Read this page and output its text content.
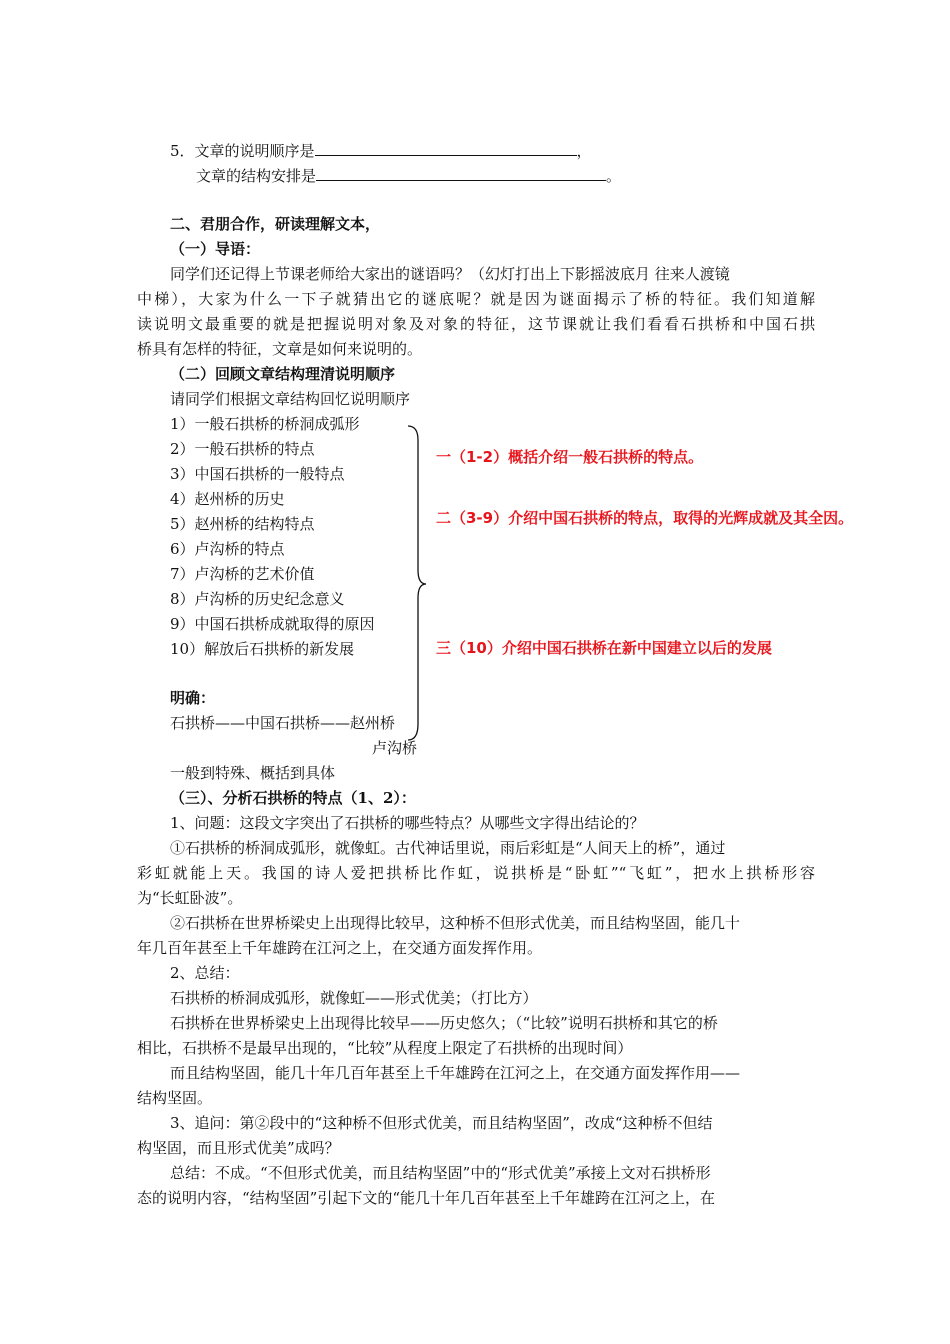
5．文章的说明顺序是	，
文章的结构安排是	。
二、君朋合作，研读理解文本，
（一）导语：
同学们还记得上节课老师给大家出的谜语吗？（幻灯打出上下影摇波底月 往来人渡镜
中梯），大家为什么一下子就猜出它的谜底呢？就是因为谜面揭示了桥的特征。我们知道解
读说明文最重要的就是把握说明对象及对象的特征，这节课就让我们看看石拱桥和中国石拱
桥具有怎样的特征，文章是如何来说明的。
（二）回顾文章结构理清说明顺序
请同学们根据文章结构回忆说明顺序
1）一般石拱桥的桥洞成弧形
2）一般石拱桥的特点
3）中国石拱桥的一般特点
4）赵州桥的历史
5）赵州桥的结构特点
6）卢沟桥的特点
7）卢沟桥的艺术价值
8）卢沟桥的历史纪念意义
9）中国石拱桥成就取得的原因
10）解放后石拱桥的新发展
一（1-2）概括介绍一般石拱桥的特点。
二（3-9）介绍中国石拱桥的特点，取得的光辉成就及其全因。
三（10）介绍中国石拱桥在新中国建立以后的发展
明确：
石拱桥——中国石拱桥——赵州桥
卢沟桥
一般到特殊、概括到具体
（三）、分析石拱桥的特点（1、2）：
1、问题：这段文字突出了石拱桥的哪些特点？从哪些文字得出结论的？
①石拱桥的桥洞成弧形，就像虹。古代神话里说，雨后彩虹是“人间天上的桥”，通过
彩虹就能上天。我国的诗人爱把拱桥比作虹，说拱桥是“卧虹”“飞虹”，把水上拱桥形容
为“长虹卧波”。
②石拱桥在世界桥梁史上出现得比较早，这种桥不但形式优美，而且结构坚固，能几十
年几百年甚至上千年雄跨在江河之上，在交通方面发挥作用。
2、总结：
石拱桥的桥洞成弧形，就像虹——形式优美；（打比方）
石拱桥在世界桥梁史上出现得比较早——历史悠久；（“比较”说明石拱桥和其它的桥
相比，石拱桥不是最早出现的，“比较”从程度上限定了石拱桥的出现时间）
而且结构坚固，能几十年几百年甚至上千年雄跨在江河之上，在交通方面发挥作用——
结构坚固。
3、追问：第②段中的“这种桥不但形式优美，而且结构坚固”，改成“这种桥不但结
构坚固，而且形式优美”成吗？
总结：不成。“不但形式优美，而且结构坚固”中的“形式优美”承接上文对石拱桥形
态的说明内容，“结构坚固”引起下文的“能几十年几百年甚至上千年雄跨在江河之上，在
